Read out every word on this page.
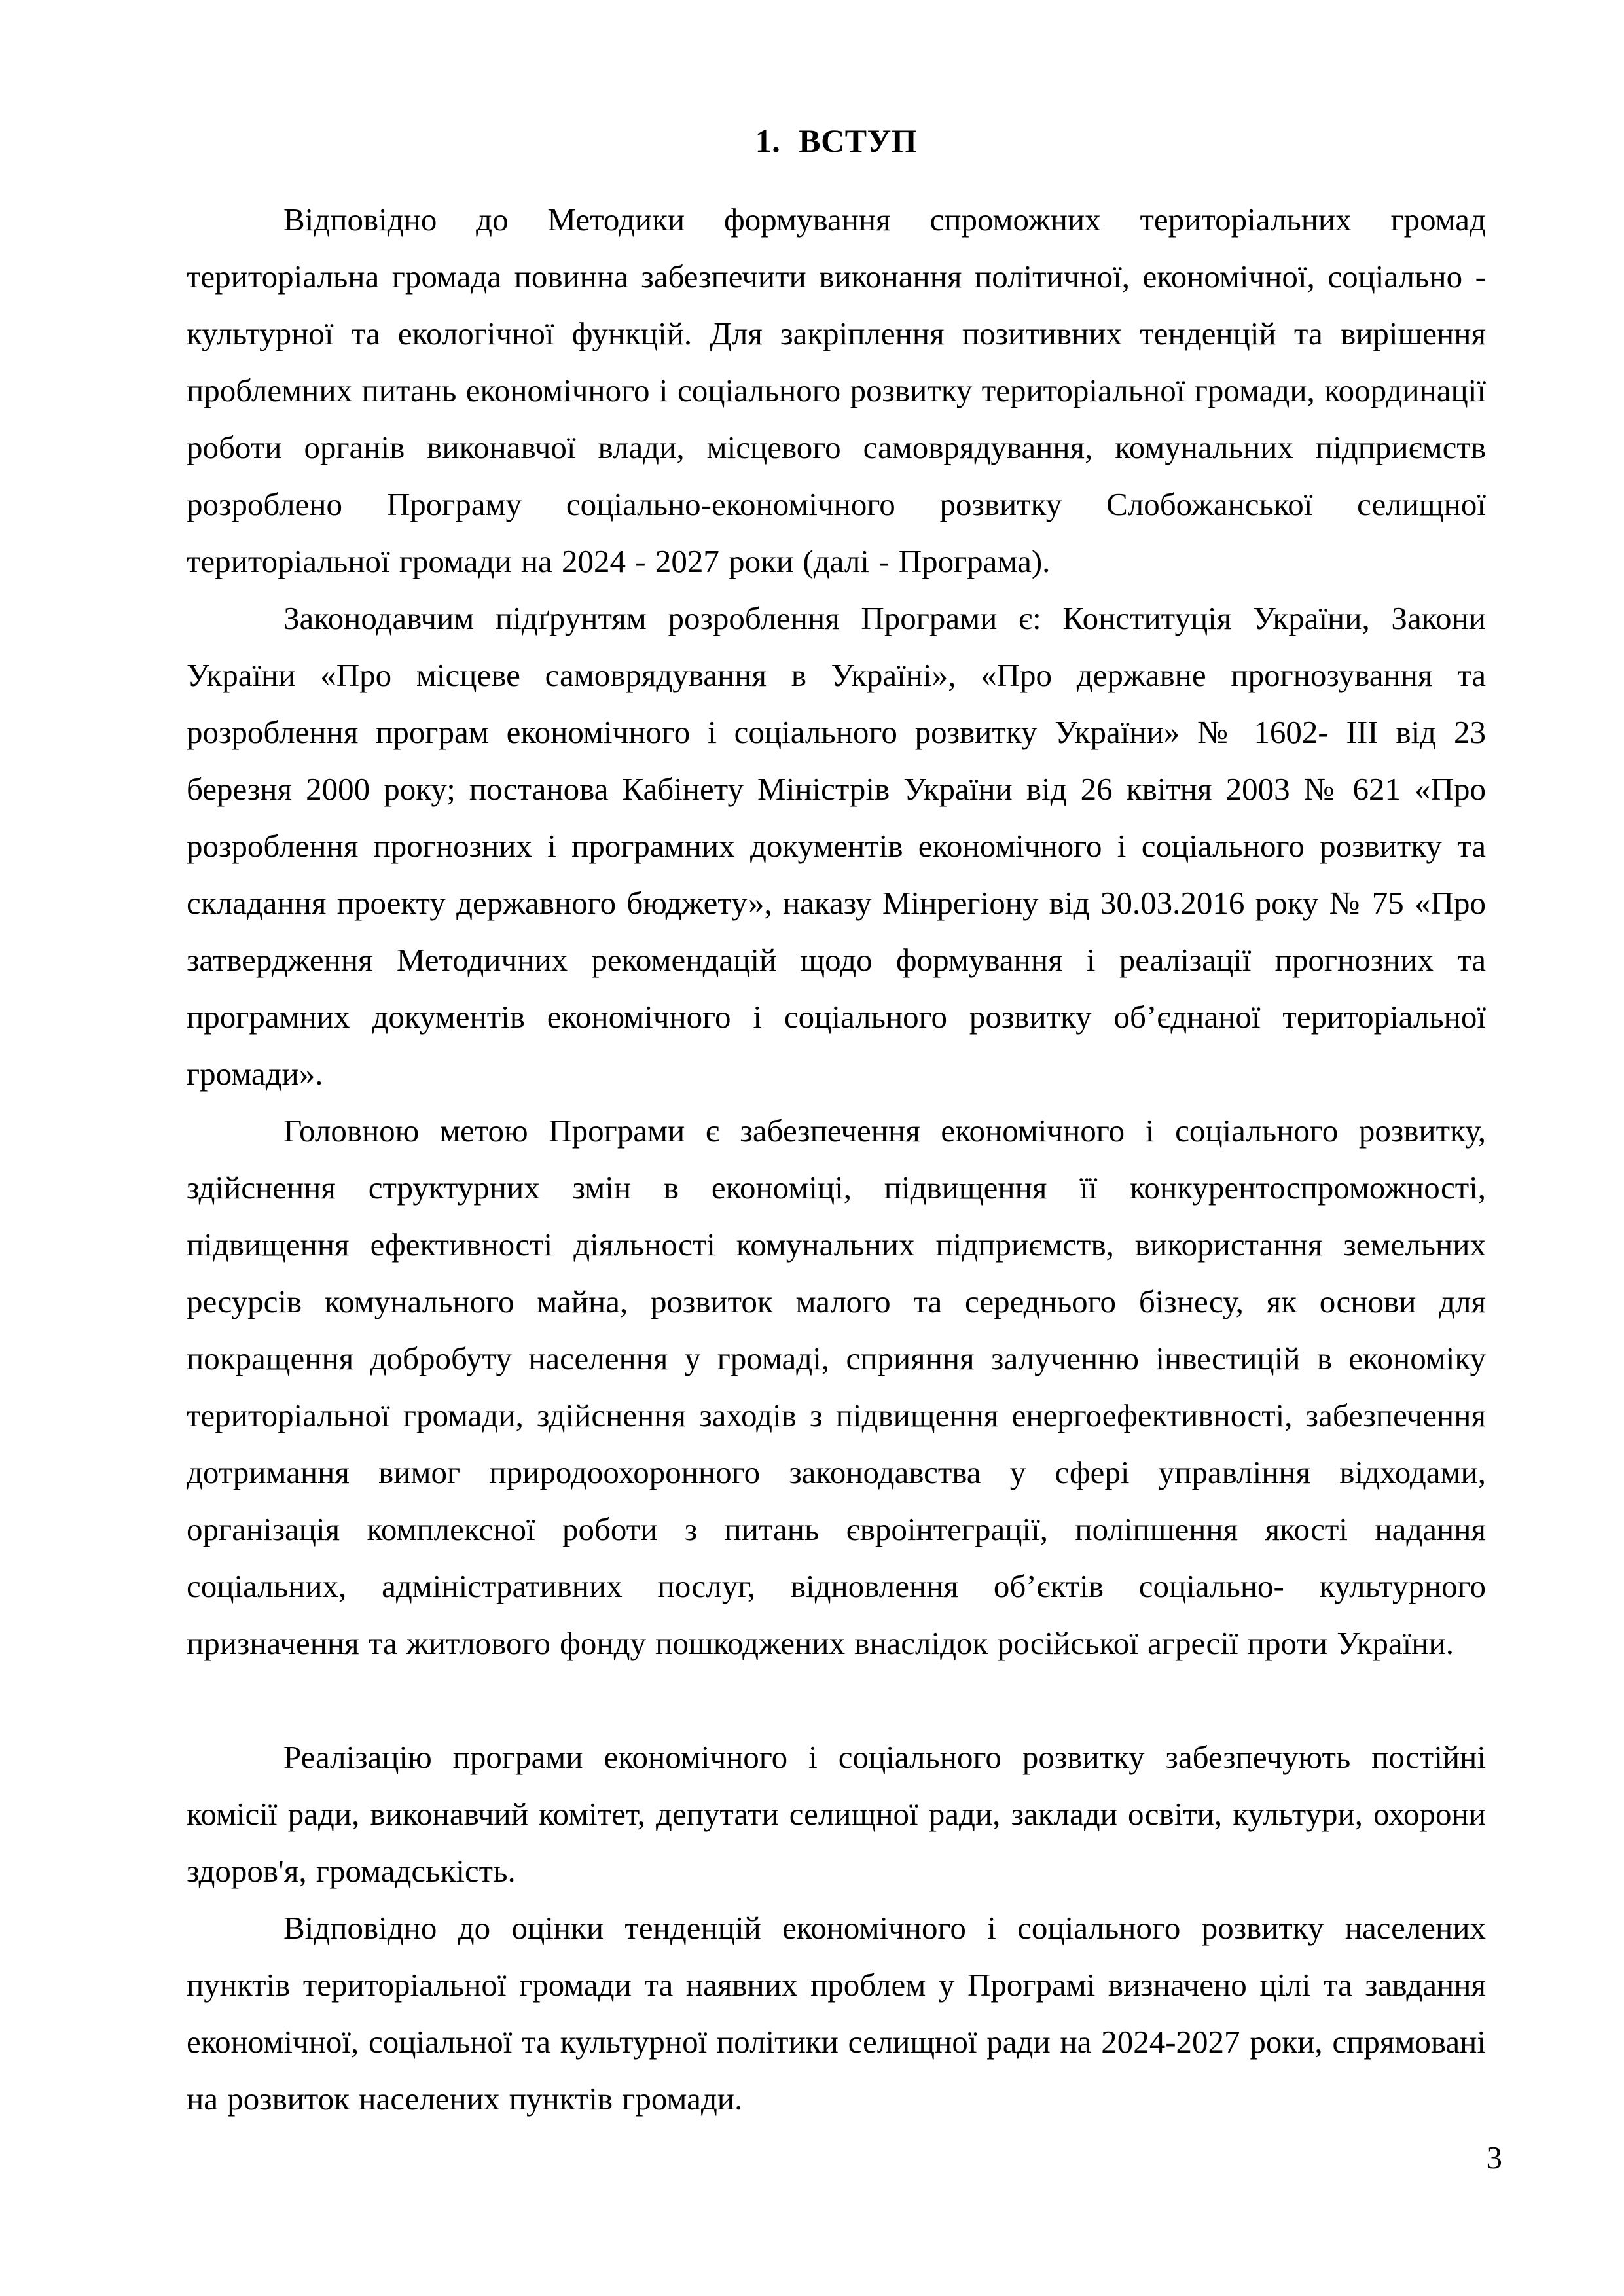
1. ВСТУП

Відповідно до Методики формування спроможних територіальних громад територіальна громада повинна забезпечити виконання політичної, економічної, соціально - культурної та екологічної функцій. Для закріплення позитивних тенденцій та вирішення проблемних питань економічного і соціального розвитку територіальної громади, координації роботи органів виконавчої влади, місцевого самоврядування, комунальних підприємств розроблено Програму соціально-економічного розвитку Слобожанської селищної територіальної громади на 2024 - 2027 роки (далі - Програма).

Законодавчим підґрунтям розроблення Програми є: Конституція України, Закони України «Про місцеве самоврядування в Україні», «Про державне прогнозування та розроблення програм економічного і соціального розвитку України» № 1602- ІІІ від 23 березня 2000 року; постанова Кабінету Міністрів України від 26 квітня 2003 № 621 «Про розроблення прогнозних і програмних документів економічного і соціального розвитку та складання проекту державного бюджету», наказу Мінрегіону від 30.03.2016 року № 75 «Про затвердження Методичних рекомендацій щодо формування і реалізації прогнозних та програмних документів економічного і соціального розвитку об’єднаної територіальної громади».

Головною метою Програми є забезпечення економічного і соціального розвитку, здійснення структурних змін в економіці, підвищення її конкурентоспроможності, підвищення ефективності діяльності комунальних підприємств, використання земельних ресурсів комунального майна, розвиток малого та середнього бізнесу, як основи для покращення добробуту населення у громаді, сприяння залученню інвестицій в економіку територіальної громади, здійснення заходів з підвищення енергоефективності, забезпечення дотримання вимог природоохоронного законодавства у сфері управління відходами, організація комплексної роботи з питань євроінтеграції, поліпшення якості надання соціальних, адміністративних послуг, відновлення об’єктів соціально- культурного призначення та житлового фонду пошкоджених внаслідок російської агресії проти України.

Реалізацію програми економічного і соціального розвитку забезпечують постійні комісії ради, виконавчий комітет, депутати селищної ради, заклади освіти, культури, охорони здоров'я, громадськість.

Відповідно до оцінки тенденцій економічного і соціального розвитку населених пунктів територіальної громади та наявних проблем у Програмі визначено цілі та завдання економічної, соціальної та культурної політики селищної ради на 2024-2027 роки, спрямовані на розвиток населених пунктів громади.

3
